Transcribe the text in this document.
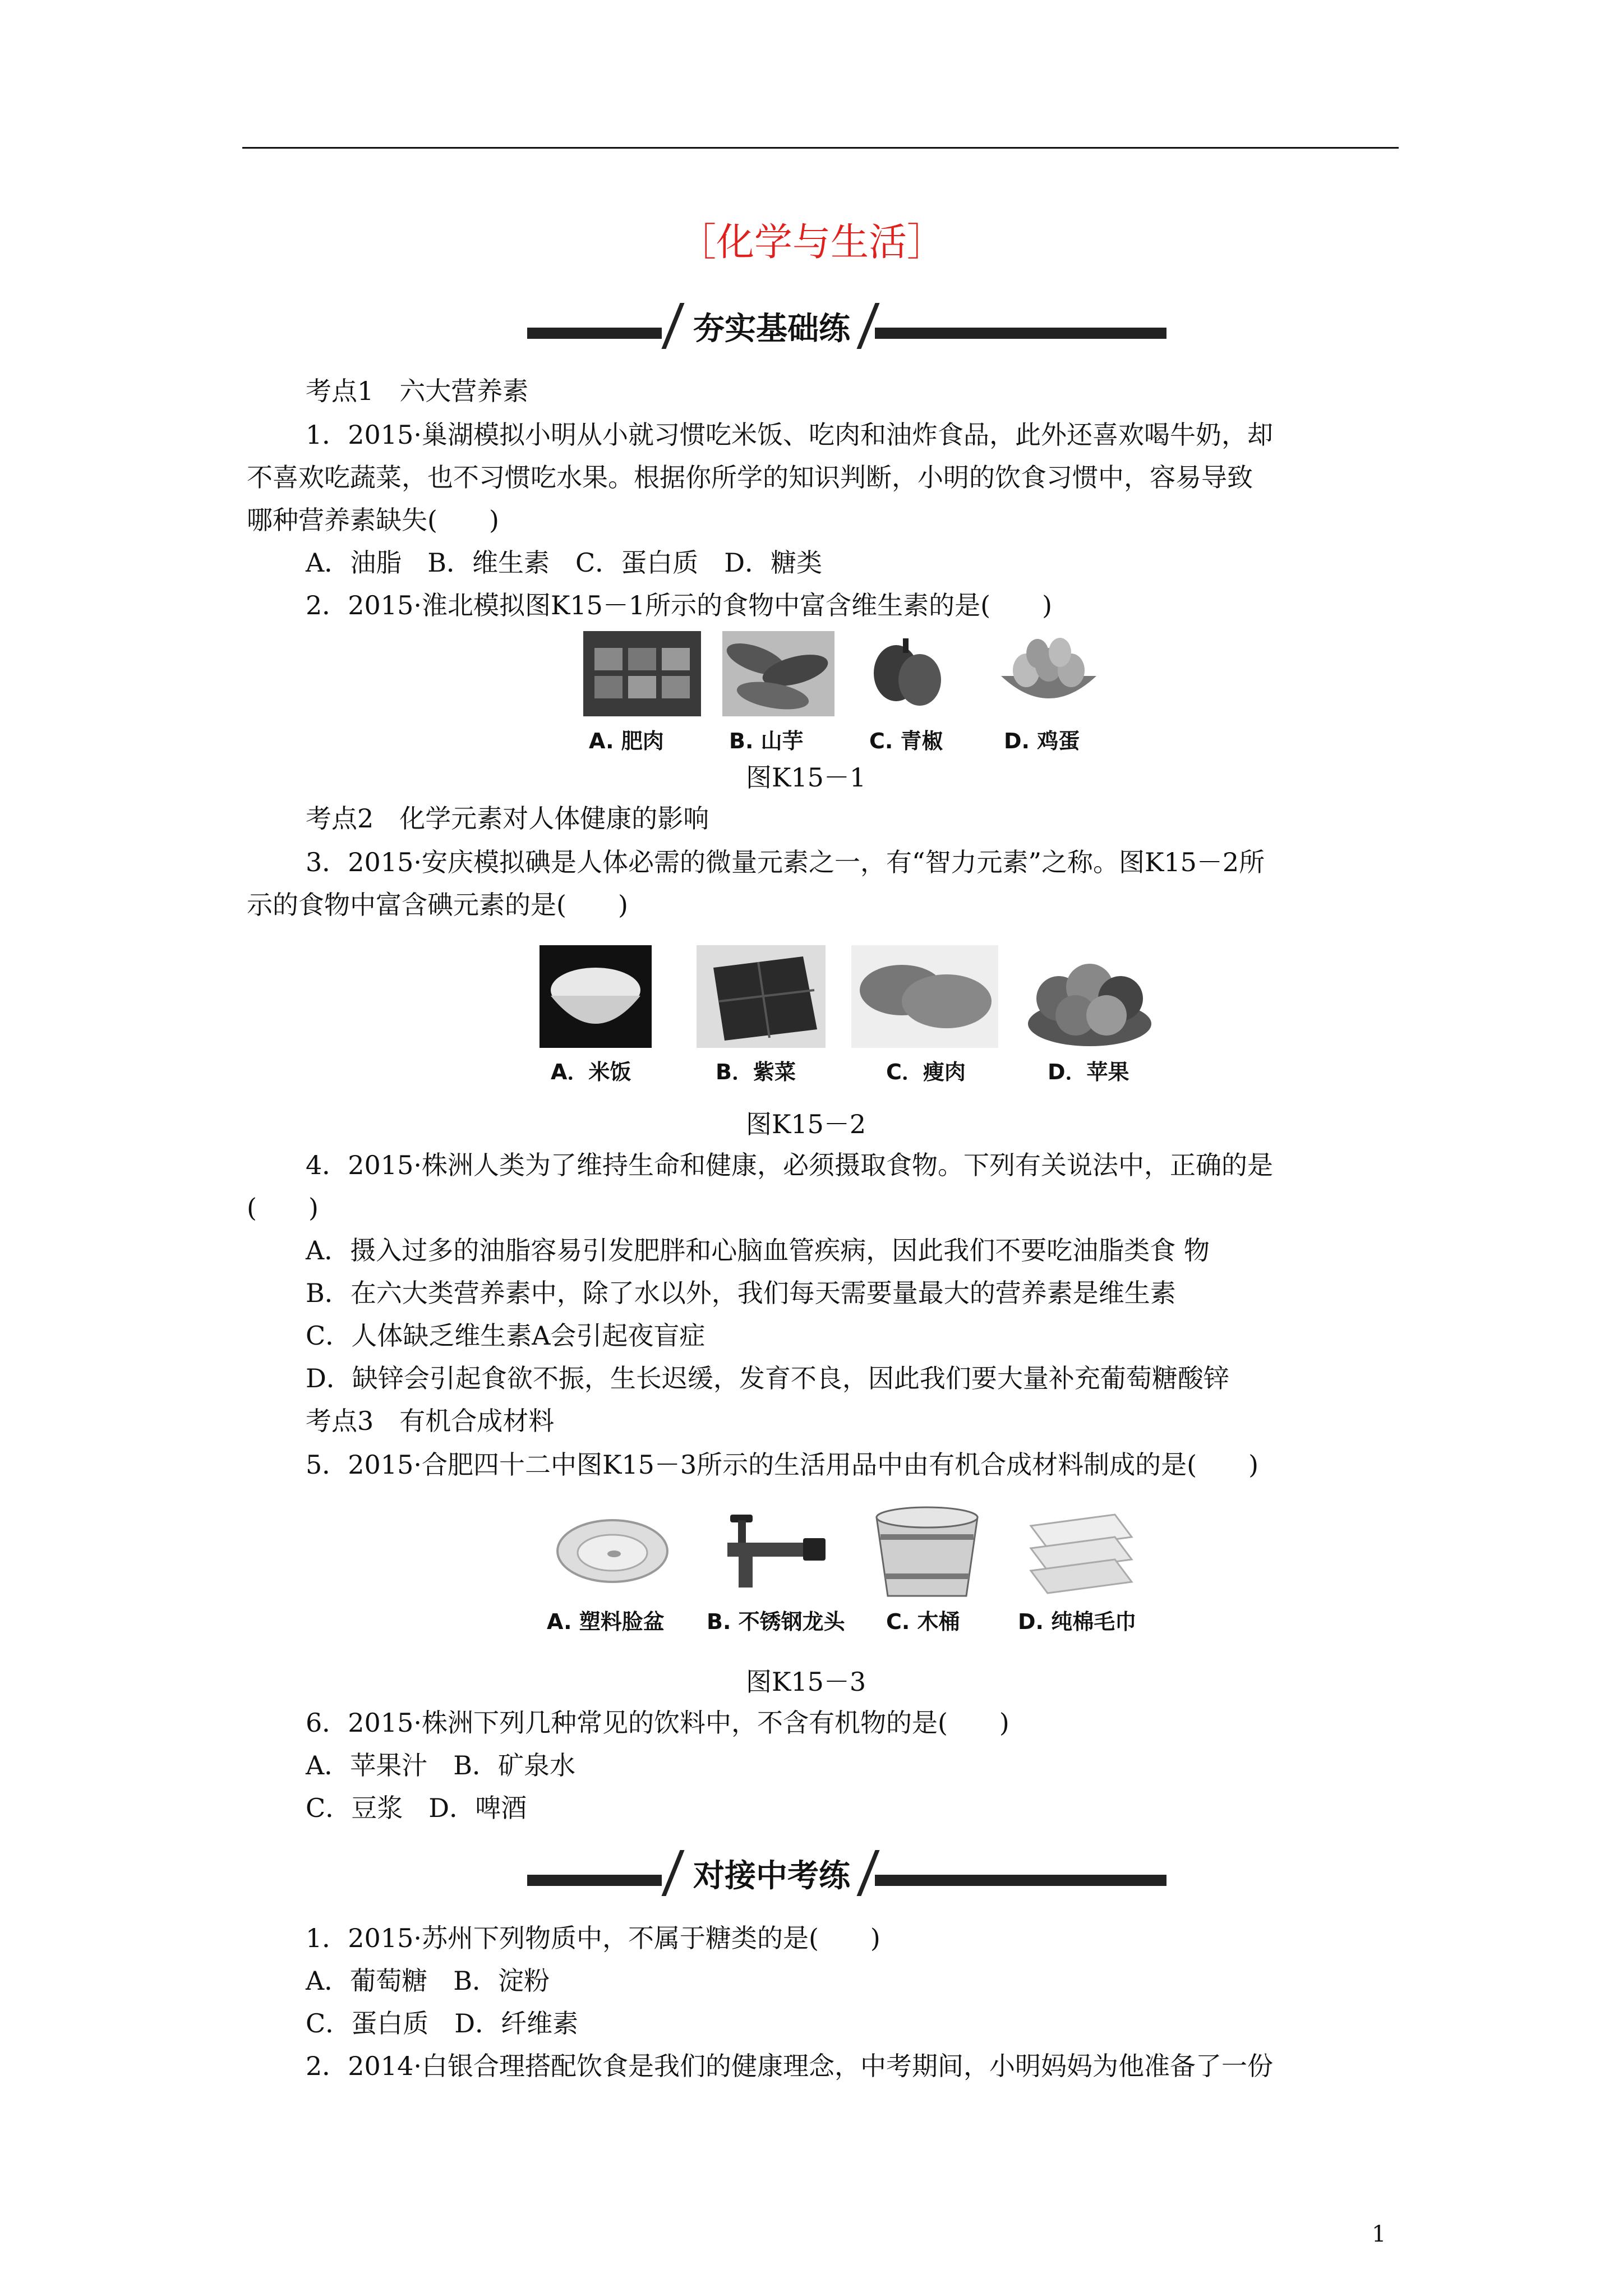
［化学与生活］
夯实基础练
考点1　六大营养素
1．2015·巢湖模拟小明从小就习惯吃米饭、吃肉和油炸食品，此外还喜欢喝牛奶，却
不喜欢吃蔬菜，也不习惯吃水果。根据你所学的知识判断，小明的饮食习惯中，容易导致
哪种营养素缺失(　　)
A．油脂　B．维生素　C．蛋白质　D．糖类
2．2015·淮北模拟图K15－1所示的食物中富含维生素的是(　　)
A. 肥肉	B. 山芋	C. 青椒	D. 鸡蛋
图K15－1
考点2　化学元素对人体健康的影响
3．2015·安庆模拟碘是人体必需的微量元素之一，有“智力元素”之称。图K15－2所
示的食物中富含碘元素的是(　　)
A．米饭	B．紫菜	C．瘦肉	D．苹果
图K15－2
4．2015·株洲人类为了维持生命和健康，必须摄取食物。下列有关说法中，正确的是
(　　)
A．摄入过多的油脂容易引发肥胖和心脑血管疾病，因此我们不要吃油脂类食 物
B．在六大类营养素中，除了水以外，我们每天需要量最大的营养素是维生素
C．人体缺乏维生素A会引起夜盲症
D．缺锌会引起食欲不振，生长迟缓，发育不良，因此我们要大量补充葡萄糖酸锌
考点3　有机合成材料
5．2015·合肥四十二中图K15－3所示的生活用品中由有机合成材料制成的是(　　)
A. 塑料脸盆 B. 不锈钢龙头 C. 木桶	D. 纯棉毛巾
图K15－3
6．2015·株洲下列几种常见的饮料中，不含有机物的是(　　)
A．苹果汁　B．矿泉水
C．豆浆　D．啤酒
对接中考练
1．2015·苏州下列物质中，不属于糖类的是(　　)
A．葡萄糖　B．淀粉
C．蛋白质　D．纤维素
2．2014·白银合理搭配饮食是我们的健康理念，中考期间，小明妈妈为他准备了一份
1
